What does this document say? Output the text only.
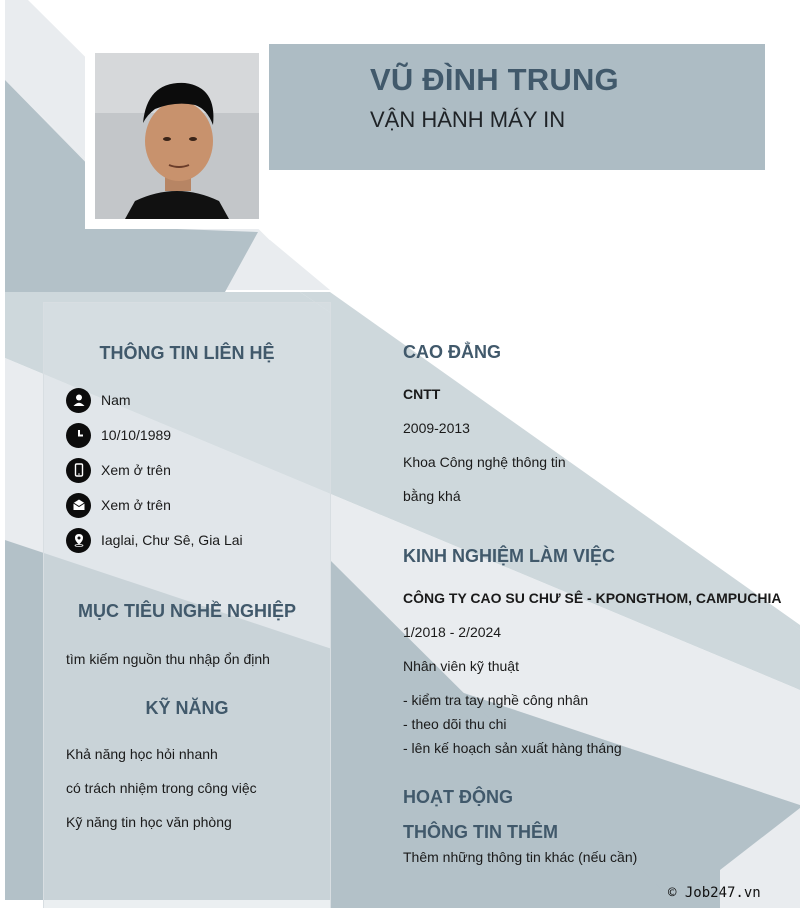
VŨ ĐÌNH TRUNG
VẬN HÀNH MÁY IN
THÔNG TIN LIÊN HỆ
Nam
10/10/1989
Xem ở trên
Xem ở trên
Iaglai, Chư Sê, Gia Lai
MỤC TIÊU NGHỀ NGHIỆP
tìm kiếm nguồn thu nhập ổn định
KỸ NĂNG
Khả năng học hỏi nhanh
có trách nhiệm trong công việc
Kỹ năng tin học văn phòng
CAO ĐẲNG
CNTT
2009-2013
Khoa Công nghệ thông tin
bằng khá
KINH NGHIỆM LÀM VIỆC
CÔNG TY CAO SU CHƯ SÊ - KPONGTHOM, CAMPUCHIA
1/2018 - 2/2024
Nhân viên kỹ thuật
- kiểm tra tay nghề công nhân
- theo dõi thu chi
- lên kế hoạch sản xuất hàng tháng
HOẠT ĐỘNG
THÔNG TIN THÊM
Thêm những thông tin khác (nếu cần)
© Job247.vn
